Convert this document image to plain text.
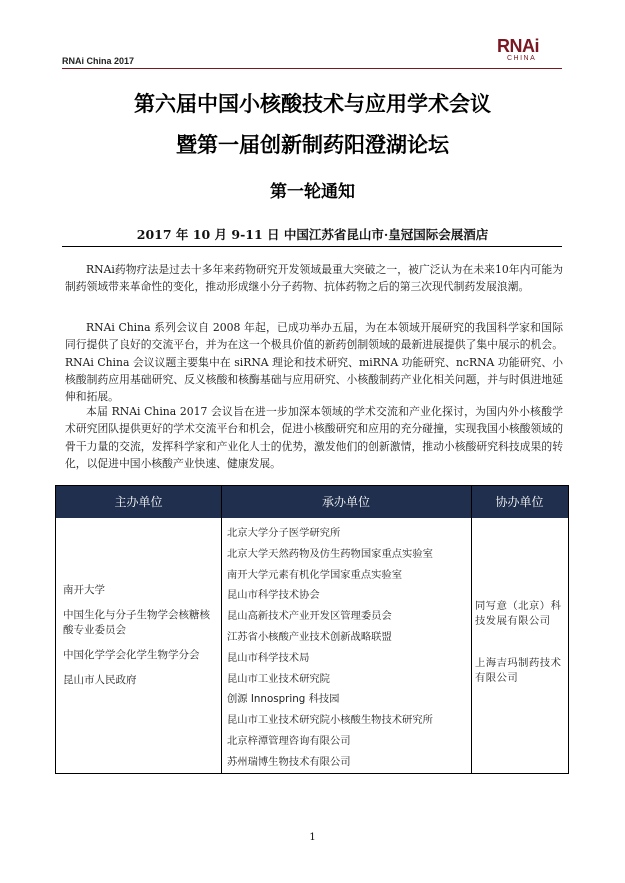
RNAi China 2017
RNAi
CHINA
第六届中国小核酸技术与应用学术会议
暨第一届创新制药阳澄湖论坛
第一轮通知
2017 年 10 月 9-11 日 中国江苏省昆山市·皇冠国际会展酒店
RNAi药物疗法是过去十多年来药物研究开发领域最重大突破之一，被广泛认为在未来10年内可能为制药领域带来革命性的变化，推动形成继小分子药物、抗体药物之后的第三次现代制药发展浪潮。
RNAi China 系列会议自 2008 年起，已成功举办五届，为在本领域开展研究的我国科学家和国际同行提供了良好的交流平台，并为在这一个极具价值的新药创制领域的最新进展提供了集中展示的机会。RNAi China 会议议题主要集中在 siRNA 理论和技术研究、miRNA 功能研究、ncRNA 功能研究、小核酸制药应用基础研究、反义核酸和核酶基础与应用研究、小核酸制药产业化相关问题，并与时俱进地延伸和拓展。
本届 RNAi China 2017 会议旨在进一步加深本领域的学术交流和产业化探讨，为国内外小核酸学术研究团队提供更好的学术交流平台和机会，促进小核酸研究和应用的充分碰撞，实现我国小核酸领域的骨干力量的交流，发挥科学家和产业化人士的优势，激发他们的创新激情，推动小核酸研究科技成果的转化，以促进中国小核酸产业快速、健康发展。
主办单位	承办单位	协办单位
南开大学
中国生化与分子生物学会核糖核酸专业委员会
中国化学学会化学生物学分会
昆山市人民政府
北京大学分子医学研究所
北京大学天然药物及仿生药物国家重点实验室
南开大学元素有机化学国家重点实验室
昆山市科学技术协会
昆山高新技术产业开发区管理委员会
江苏省小核酸产业技术创新战略联盟
昆山市科学技术局
昆山市工业技术研究院
创源 Innospring 科技园
昆山市工业技术研究院小核酸生物技术研究所
北京梓潭管理咨询有限公司
苏州瑞博生物技术有限公司
同写意（北京）科技发展有限公司
上海吉玛制药技术有限公司
1
